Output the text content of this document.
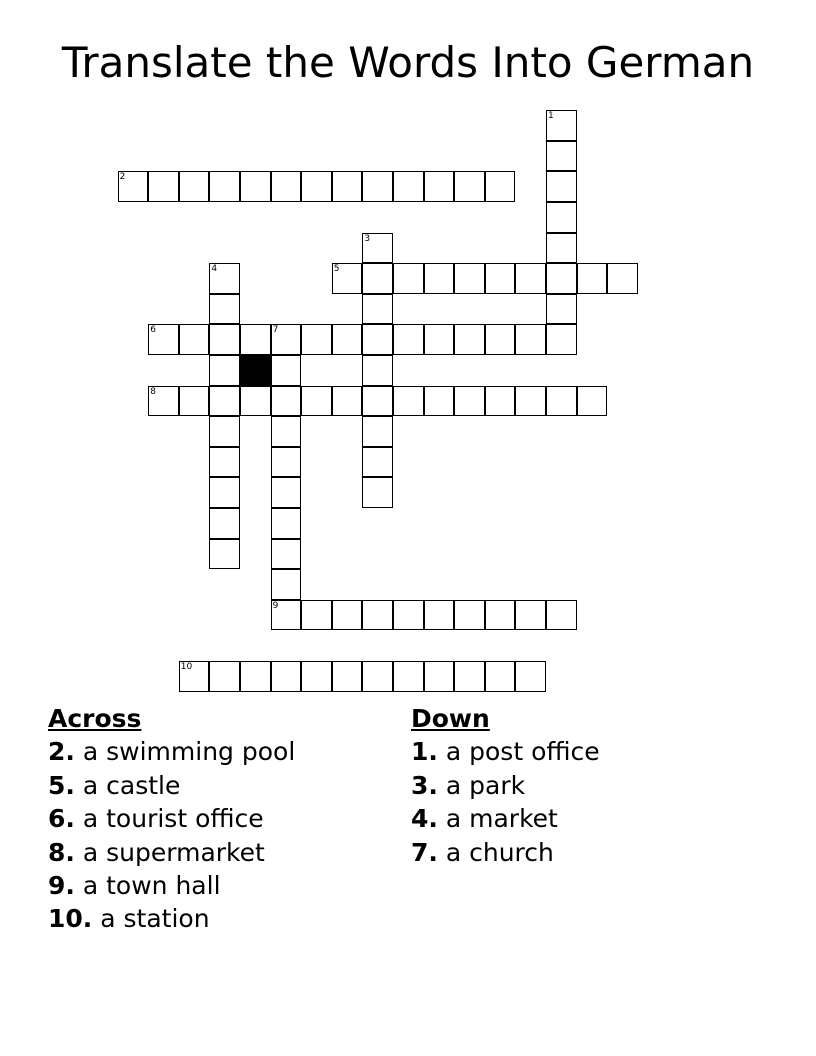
Translate the Words Into German
1
2
3
4	5
6	7
9
8
10
Across
2. a swimming pool
5. a castle
6. a tourist office
8. a supermarket
9. a town hall
10. a station
Down
1. a post office
3. a park
4. a market
7. a church
